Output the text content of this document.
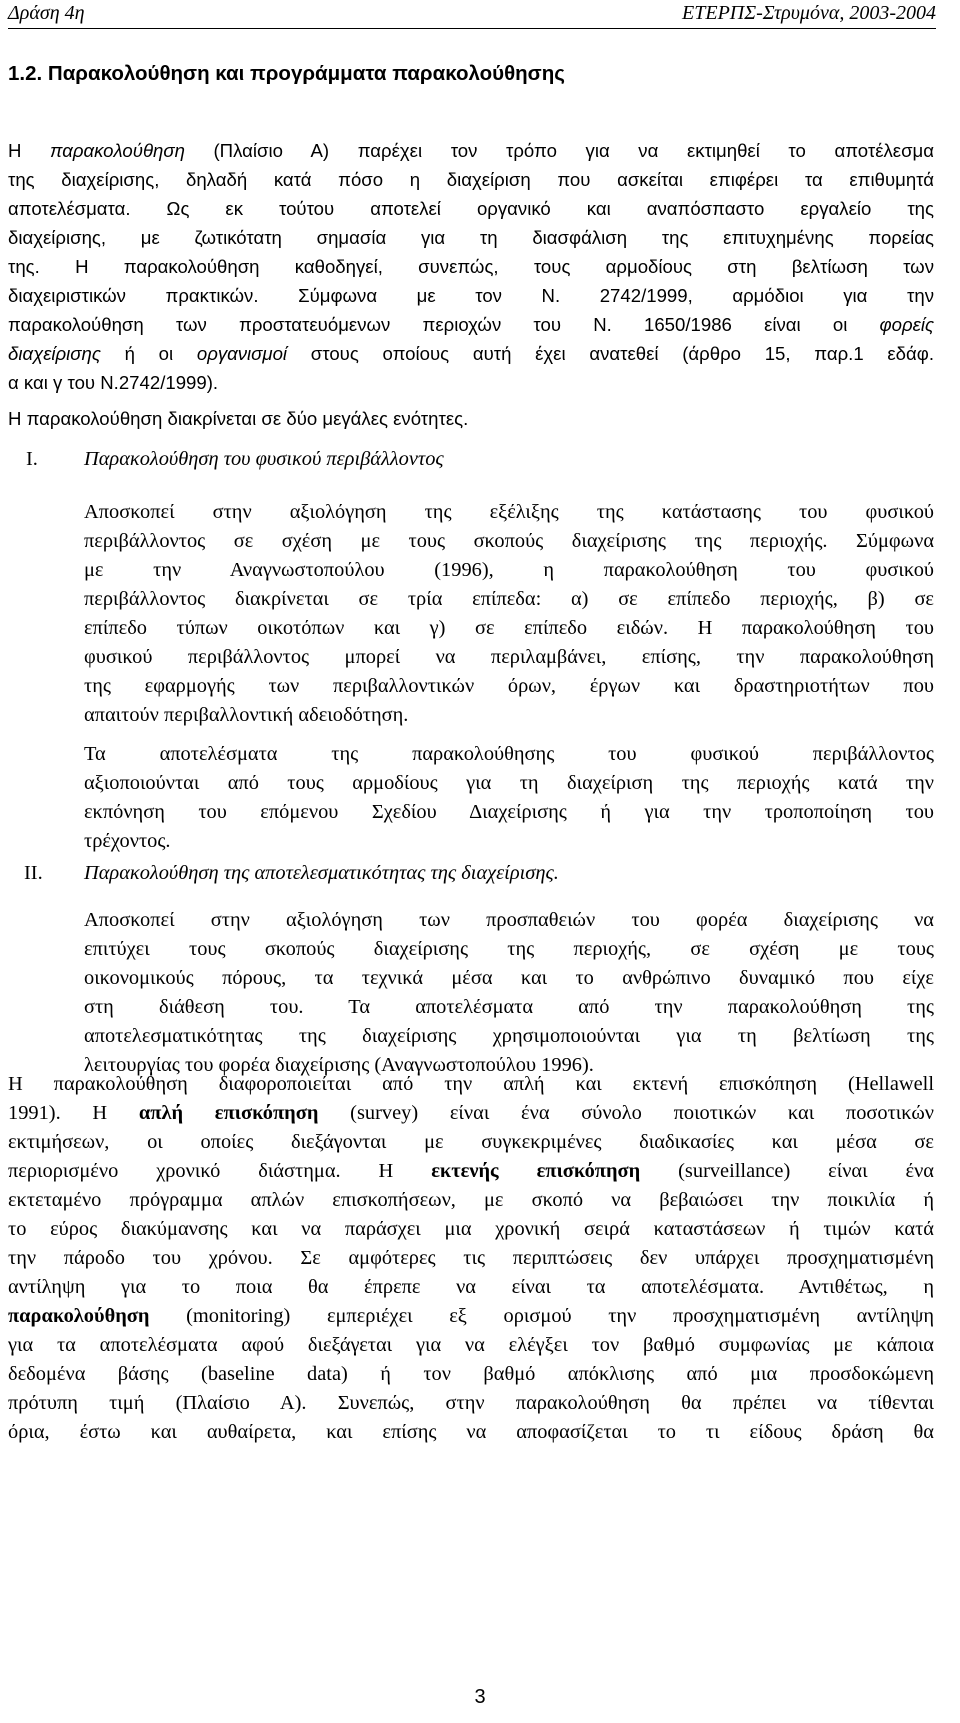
Δράση 4η	ΕΤΕΡΠΣ-Στρυμόνα, 2003-2004
1.2. Παρακολούθηση και προγράμματα παρακολούθησης
Η παρακολούθηση (Πλαίσιο Α) παρέχει τον τρόπο για να εκτιμηθεί το αποτέλεσμα
της διαχείρισης, δηλαδή κατά πόσο η διαχείριση που ασκείται επιφέρει τα επιθυμητά
αποτελέσματα. Ως εκ τούτου αποτελεί οργανικό και αναπόσπαστο εργαλείο της
διαχείρισης, με ζωτικότατη σημασία για τη διασφάλιση της επιτυχημένης πορείας
της. Η παρακολούθηση καθοδηγεί, συνεπώς, τους αρμοδίους στη βελτίωση των
διαχειριστικών πρακτικών. Σύμφωνα με τον Ν. 2742/1999, αρμόδιοι για την
παρακολούθηση των προστατευόμενων περιοχών του Ν. 1650/1986 είναι οι φορείς
διαχείρισης ή οι οργανισμοί στους οποίους αυτή έχει ανατεθεί (άρθρο 15, παρ.1 εδάφ.
α και γ του Ν.2742/1999).
Η παρακολούθηση διακρίνεται σε δύο μεγάλες ενότητες.
I. Παρακολούθηση του φυσικού περιβάλλοντος
Αποσκοπεί στην αξιολόγηση της εξέλιξης της κατάστασης του φυσικού
περιβάλλοντος σε σχέση με τους σκοπούς διαχείρισης της περιοχής. Σύμφωνα
με την Αναγνωστοπούλου (1996), η παρακολούθηση του φυσικού
περιβάλλοντος διακρίνεται σε τρία επίπεδα: α) σε επίπεδο περιοχής, β) σε
επίπεδο τύπων οικοτόπων και γ) σε επίπεδο ειδών. Η παρακολούθηση του
φυσικού περιβάλλοντος μπορεί να περιλαμβάνει, επίσης, την παρακολούθηση
της εφαρμογής των περιβαλλοντικών όρων, έργων και δραστηριοτήτων που
απαιτούν περιβαλλοντική αδειοδότηση.
Τα αποτελέσματα της παρακολούθησης του φυσικού περιβάλλοντος
αξιοποιούνται από τους αρμοδίους για τη διαχείριση της περιοχής κατά την
εκπόνηση του επόμενου Σχεδίου Διαχείρισης ή για την τροποποίηση του
τρέχοντος.
II. Παρακολούθηση της αποτελεσματικότητας της διαχείρισης.
Αποσκοπεί στην αξιολόγηση των προσπαθειών του φορέα διαχείρισης να
επιτύχει τους σκοπούς διαχείρισης της περιοχής, σε σχέση με τους
οικονομικούς πόρους, τα τεχνικά μέσα και το ανθρώπινο δυναμικό που είχε
στη διάθεση του. Τα αποτελέσματα από την παρακολούθηση της
αποτελεσματικότητας της διαχείρισης χρησιμοποιούνται για τη βελτίωση της
λειτουργίας του φορέα διαχείρισης (Αναγνωστοπούλου 1996).
Η παρακολούθηση διαφοροποιείται από την απλή και εκτενή επισκόπηση (Hellawell
1991). Η απλή επισκόπηση (survey) είναι ένα σύνολο ποιοτικών και ποσοτικών
εκτιμήσεων, οι οποίες διεξάγονται με συγκεκριμένες διαδικασίες και μέσα σε
περιορισμένο χρονικό διάστημα. Η εκτενής επισκόπηση (surveillance) είναι ένα
εκτεταμένο πρόγραμμα απλών επισκοπήσεων, με σκοπό να βεβαιώσει την ποικιλία ή
το εύρος διακύμανσης και να παράσχει μια χρονική σειρά καταστάσεων ή τιμών κατά
την πάροδο του χρόνου. Σε αμφότερες τις περιπτώσεις δεν υπάρχει προσχηματισμένη
αντίληψη για το ποια θα έπρεπε να είναι τα αποτελέσματα. Αντιθέτως, η
παρακολούθηση (monitoring) εμπεριέχει εξ ορισμού την προσχηματισμένη αντίληψη
για τα αποτελέσματα αφού διεξάγεται για να ελέγξει τον βαθμό συμφωνίας με κάποια
δεδομένα βάσης (baseline data) ή τον βαθμό απόκλισης από μια προσδοκώμενη
πρότυπη τιμή (Πλαίσιο Α). Συνεπώς, στην παρακολούθηση θα πρέπει να τίθενται
όρια, έστω και αυθαίρετα, και επίσης να αποφασίζεται το τι είδους δράση θα
3
